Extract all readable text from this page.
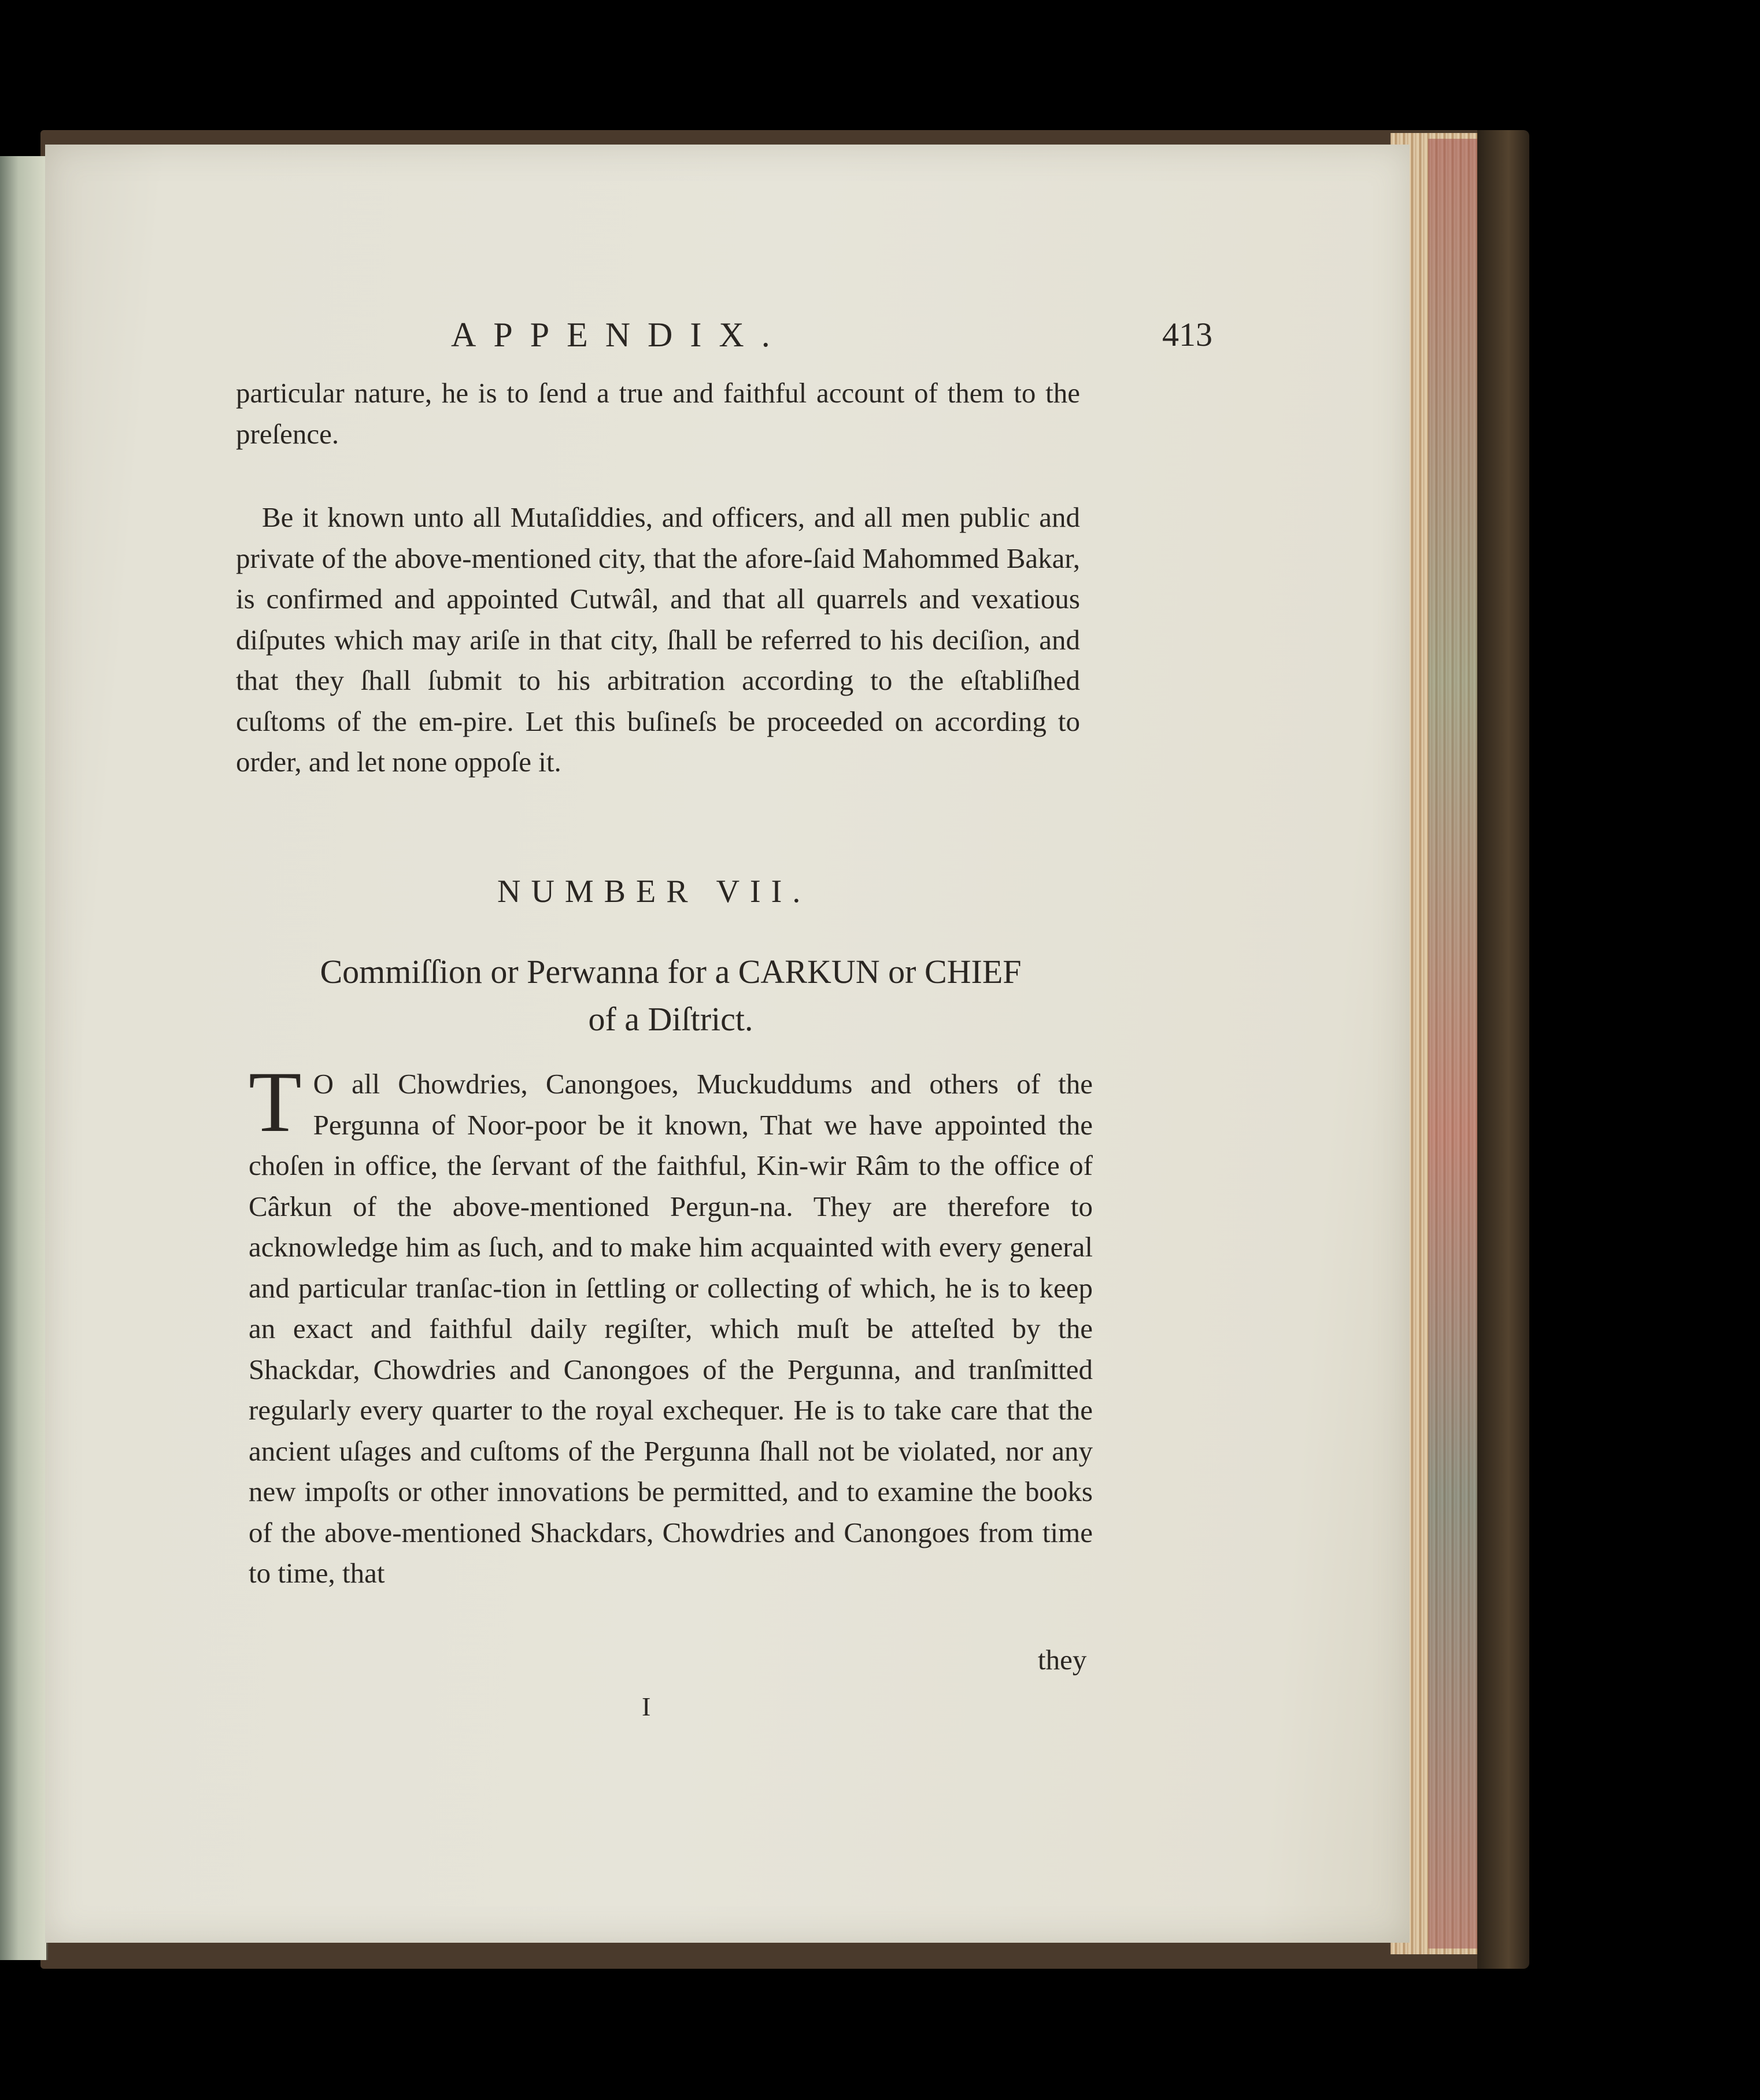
APPENDIX.	413
particular nature, he is to ſend a true and faithful account of them to the preſence.
Be it known unto all Mutaſiddies, and officers, and all men public and private of the above-mentioned city, that the afore-ſaid Mahommed Bakar, is confirmed and appointed Cutwâl, and that all quarrels and vexatious diſputes which may ariſe in that city, ſhall be referred to his deciſion, and that they ſhall ſubmit to his arbitration according to the eſtabliſhed cuſtoms of the em-pire. Let this buſineſs be proceeded on according to order, and let none oppoſe it.
NUMBER VII.
Commiſſion or Perwanna for a CARKUN or CHIEF
of a Diſtrict.
T O all Chowdries, Canongoes, Muckuddums and others of the Pergunna of Noor-poor be it known, That we have appointed the choſen in office, the ſervant of the faithful, Kin-wir Râm to the office of Cârkun of the above-mentioned Pergun-na. They are therefore to acknowledge him as ſuch, and to make him acquainted with every general and particular tranſac-tion in ſettling or collecting of which, he is to keep an exact and faithful daily regiſter, which muſt be atteſted by the Shackdar, Chowdries and Canongoes of the Pergunna, and tranſmitted regularly every quarter to the royal exchequer. He is to take care that the ancient uſages and cuſtoms of the Pergunna ſhall not be violated, nor any new impoſts or other innovations be permitted, and to examine the books of the above-mentioned Shackdars, Chowdries and Canongoes from time to time, that
they
I
